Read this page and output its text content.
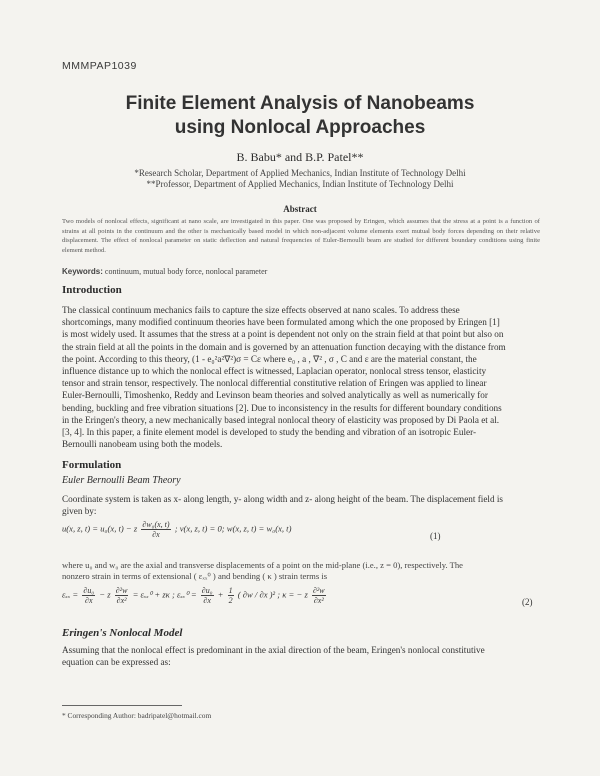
MMMPAP1039
Finite Element Analysis of Nanobeams
using Nonlocal Approaches
B. Babu* and B.P. Patel**
*Research Scholar, Department of Applied Mechanics, Indian Institute of Technology Delhi
**Professor, Department of Applied Mechanics, Indian Institute of Technology Delhi
Abstract
Two models of nonlocal effects, significant at nano scale, are investigated in this paper. One was proposed by Eringen, which assumes that the stress at a point is a function of strains at all points in the continuum and the other is mechanically based model in which non-adjacent volume elements exert mutual body forces depending on their relative displacement. The effect of nonlocal parameter on static deflection and natural frequencies of Euler-Bernoulli beam are studied for different boundary conditions using finite element method.
Keywords: continuum, mutual body force, nonlocal parameter
Introduction
The classical continuum mechanics fails to capture the size effects observed at nano scales. To address these
shortcomings, many modified continuum theories have been formulated among which the one proposed by Eringen [1]
is most widely used. It assumes that the stress at a point is dependent not only on the strain field at that point but also on
the strain field at all the points in the domain and is governed by an attenuation function decaying with the distance from
the point. According to this theory, (1 - e₀²a²∇²)σ = Cε where e₀ , a , ∇² , σ , C and ε are the material constant, the
influence distance up to which the nonlocal effect is witnessed, Laplacian operator, nonlocal stress tensor, elasticity
tensor and strain tensor, respectively. The nonlocal differential constitutive relation of Eringen was applied to linear
Euler-Bernoulli, Timoshenko, Reddy and Levinson beam theories and solved analytically as well as numerically for
bending, buckling and free vibration situations [2]. Due to inconsistency in the results for different boundary conditions
in the Eringen's theory, a new mechanically based integral nonlocal theory of elasticity was proposed by Di Paola et al.
[3, 4]. In this paper, a finite element model is developed to study the bending and vibration of an isotropic Euler-
Bernoulli nanobeam using both the models.
Formulation
Euler Bernoulli Beam Theory
Coordinate system is taken as x- along length, y- along width and z- along height of the beam. The displacement field is
given by:
u(x, z, t) = u₀(x, t) − z $\frac{\text{∂w₀(x, t)}}{\partial x}$ ; v(x, z, t) = 0; w(x, z, t) = w₀(x, t)
(1)
where u₀ and w₀ are the axial and transverse displacements of a point on the mid-plane (i.e., z = 0), respectively. The
nonzero strain in terms of extensional ( εₓₓ⁰ ) and bending ( κ ) strain terms is
$\varepsilon_{xx} = \frac{\text{∂u₀}}{\partial x} - z \frac{\text{∂²w}}{\text{∂x²}} = \varepsilon_{xx}^0 + z\kappa$ ; $\varepsilon_{xx}^0 = \frac{\text{∂u₀}}{\partial x} + \frac{1}{2}$ ( ∂w / ∂x )² ; κ = − z $\frac{\text{∂²w}}{\text{∂x²}}$	(2)
Eringen's Nonlocal Model
Assuming that the nonlocal effect is predominant in the axial direction of the beam, Eringen's nonlocal constitutive
equation can be expressed as:
* Corresponding Author: badripatel@hotmail.com
